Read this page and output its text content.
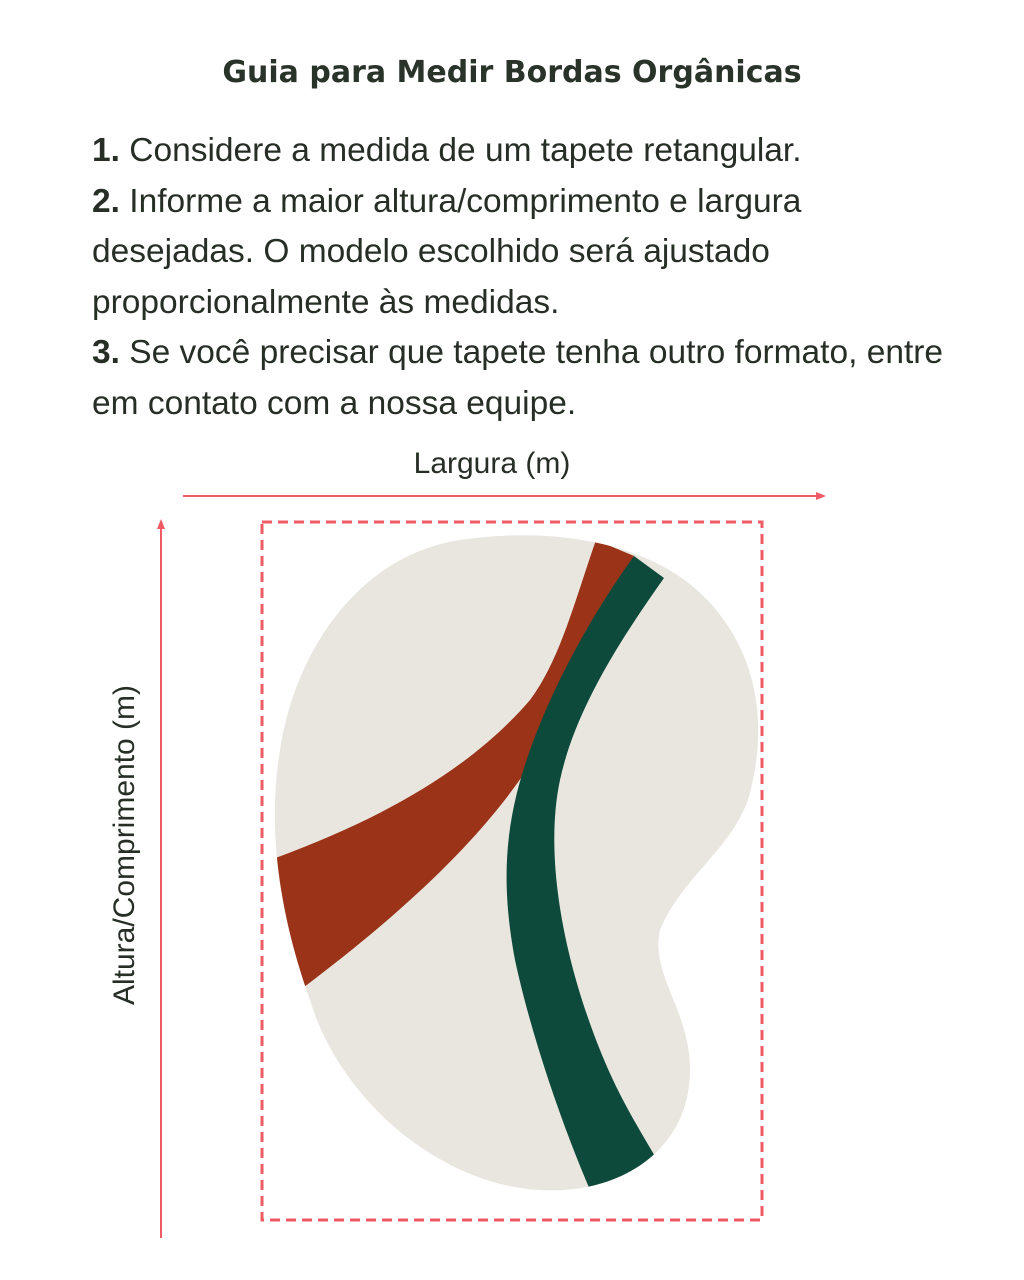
Guia para Medir Bordas Orgânicas
1. Considere a medida de um tapete retangular.
2. Informe a maior altura/comprimento e largura desejadas. O modelo escolhido será ajustado proporcionalmente às medidas.
3. Se você precisar que tapete tenha outro formato, entre em contato com a nossa equipe.
Largura (m)
Altura/Comprimento (m)
